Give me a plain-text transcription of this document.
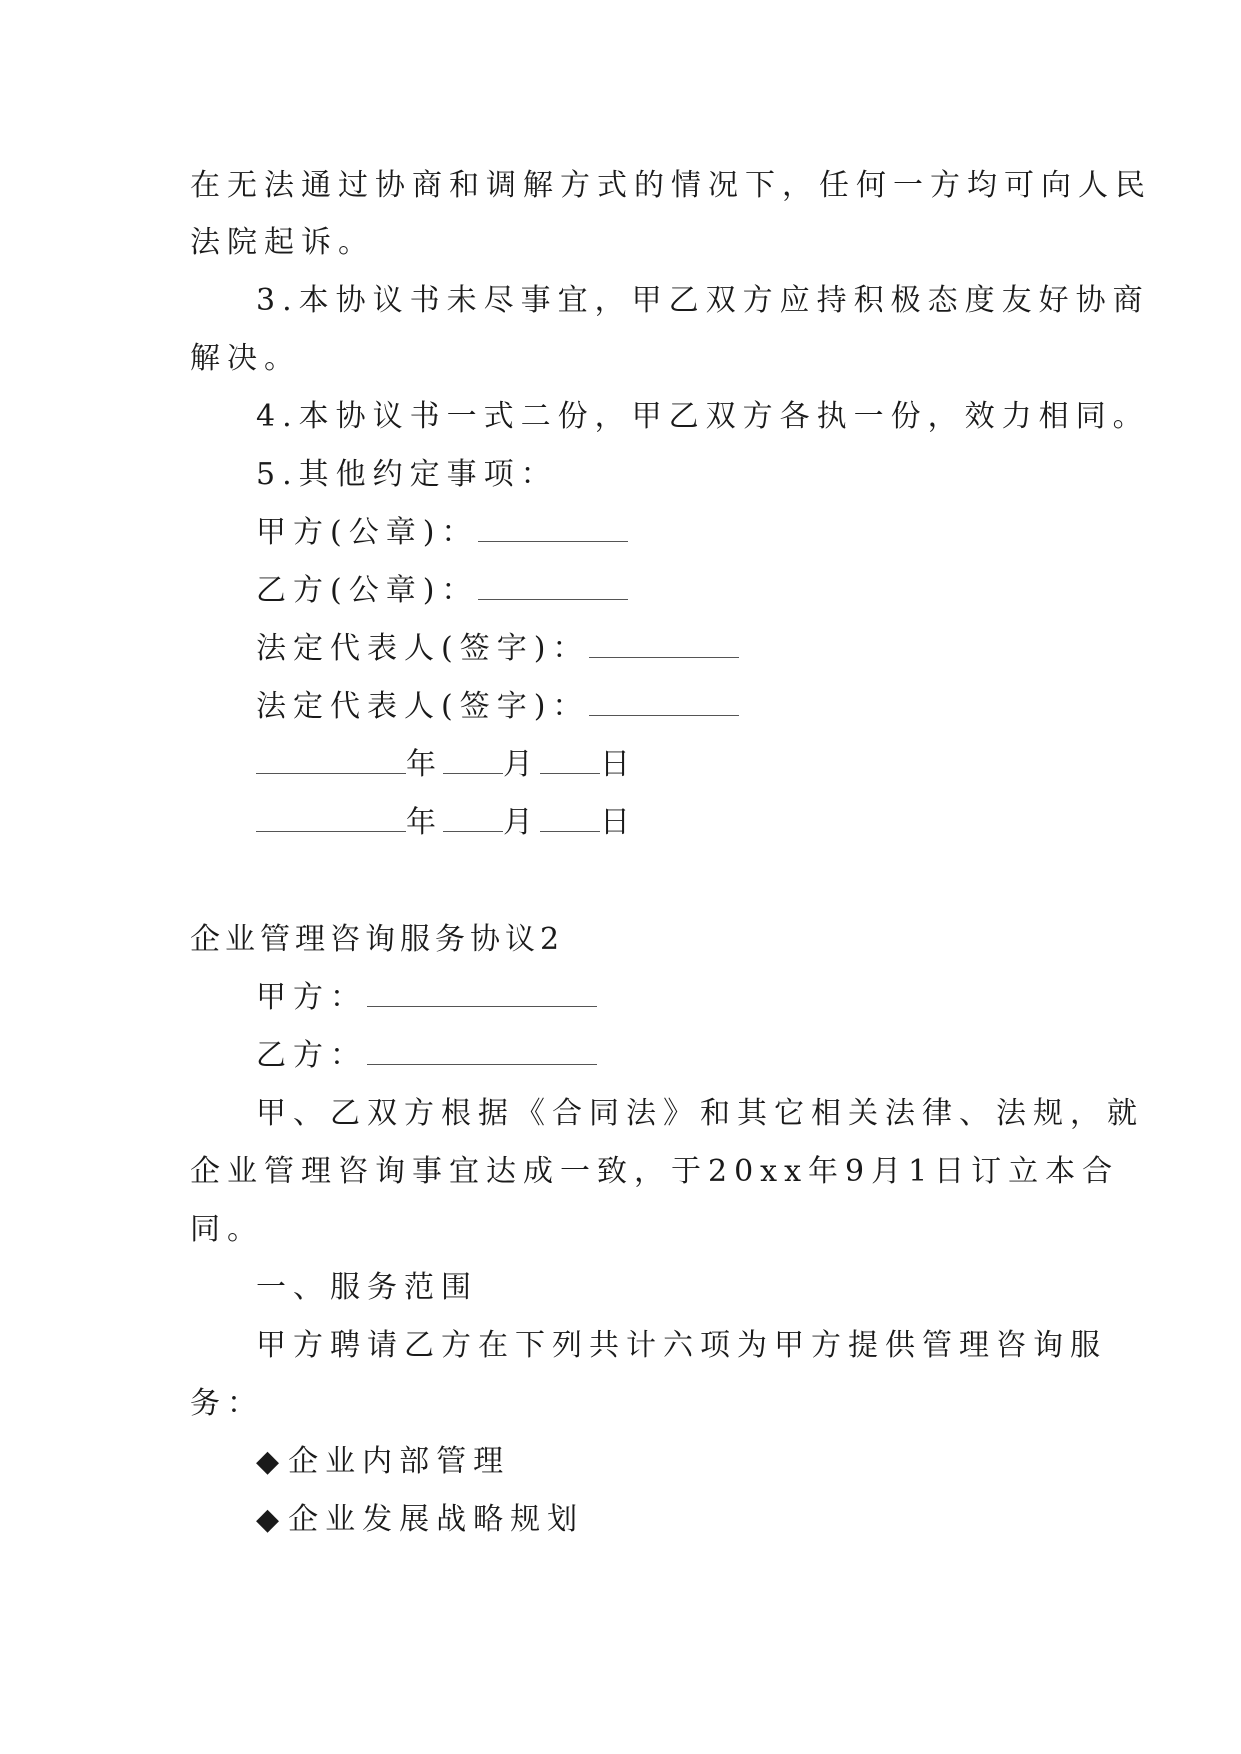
在无法通过协商和调解方式的情况下，任何一方均可向人民
法院起诉。
3.本协议书未尽事宜，甲乙双方应持积极态度友好协商
解决。
4.本协议书一式二份，甲乙双方各执一份，效力相同。
5.其他约定事项：
甲方(公章)：
乙方(公章)：
法定代表人(签字)：
法定代表人(签字)：
年 月 日
年 月 日
企业管理咨询服务协议2
甲方：
乙方：
甲、乙双方根据《合同法》和其它相关法律、法规，就
企业管理咨询事宜达成一致，于20xx年9月1日订立本合
同。
一、服务范围
甲方聘请乙方在下列共计六项为甲方提供管理咨询服
务：
◆企业内部管理
◆企业发展战略规划
